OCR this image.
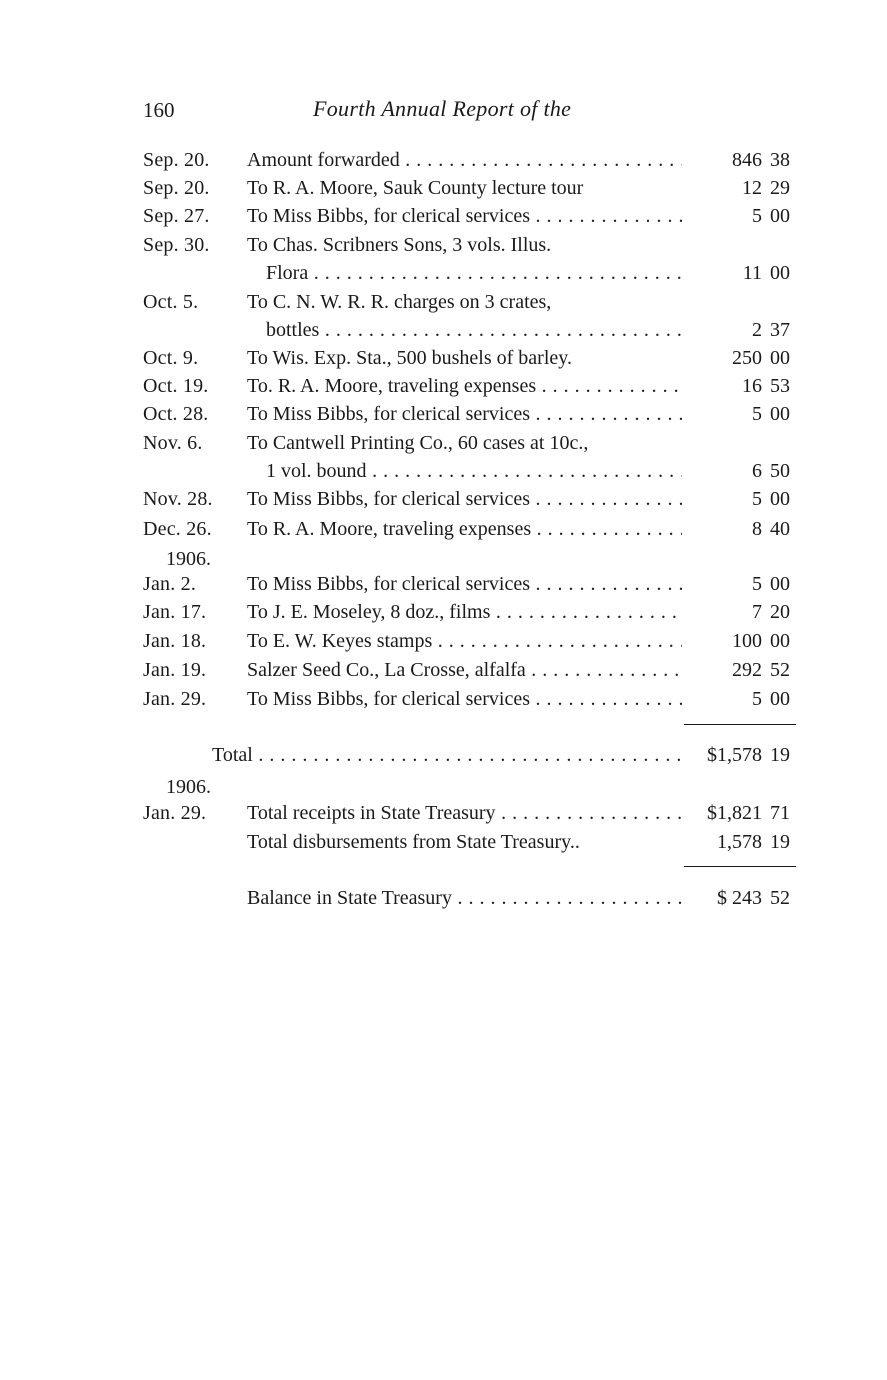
160	Fourth Annual Report of the
Sep. 20. Amount forwarded . . .	846 38
Sep. 20. To R. A. Moore, Sauk County lecture tour	12 29
Sep. 27. To Miss Bibbs, for clerical services . . .	5 00
Sep. 30. To Chas. Scribners Sons, 3 vols. Illus.
Flora . . .	11 00
Oct. 5. To C. N. W. R. R. charges on 3 crates,
bottles . . .	2 37
Oct. 9. To Wis. Exp. Sta., 500 bushels of barley.	250 00
Oct. 19. To. R. A. Moore, traveling expenses . . .	16 53
Oct. 28. To Miss Bibbs, for clerical services . . .	5 00
Nov. 6. To Cantwell Printing Co., 60 cases at 10c.,
1 vol. bound . . .	6 50
Nov. 28. To Miss Bibbs, for clerical services . . .	5 00
Dec. 26. To R. A. Moore, traveling expenses . . .	8 40
1906.
Jan. 2.	To Miss Bibbs, for clerical services . . .	5 00
Jan. 17. To J. E. Moseley, 8 doz., films . . .	7 20
Jan. 18. To E. W. Keyes stamps . . .	100 00
Jan. 19. Salzer Seed Co., La Crosse, alfalfa . . .	292 52
Jan. 29. To Miss Bibbs, for clerical services . . .	5 00
Total . . .	$1,578 19
1906.
Jan. 29. Total receipts in State Treasury . . .	$1,821 71
Total disbursements from State Treasury..	1,578 19
Balance in State Treasury . . .	$ 243 52
